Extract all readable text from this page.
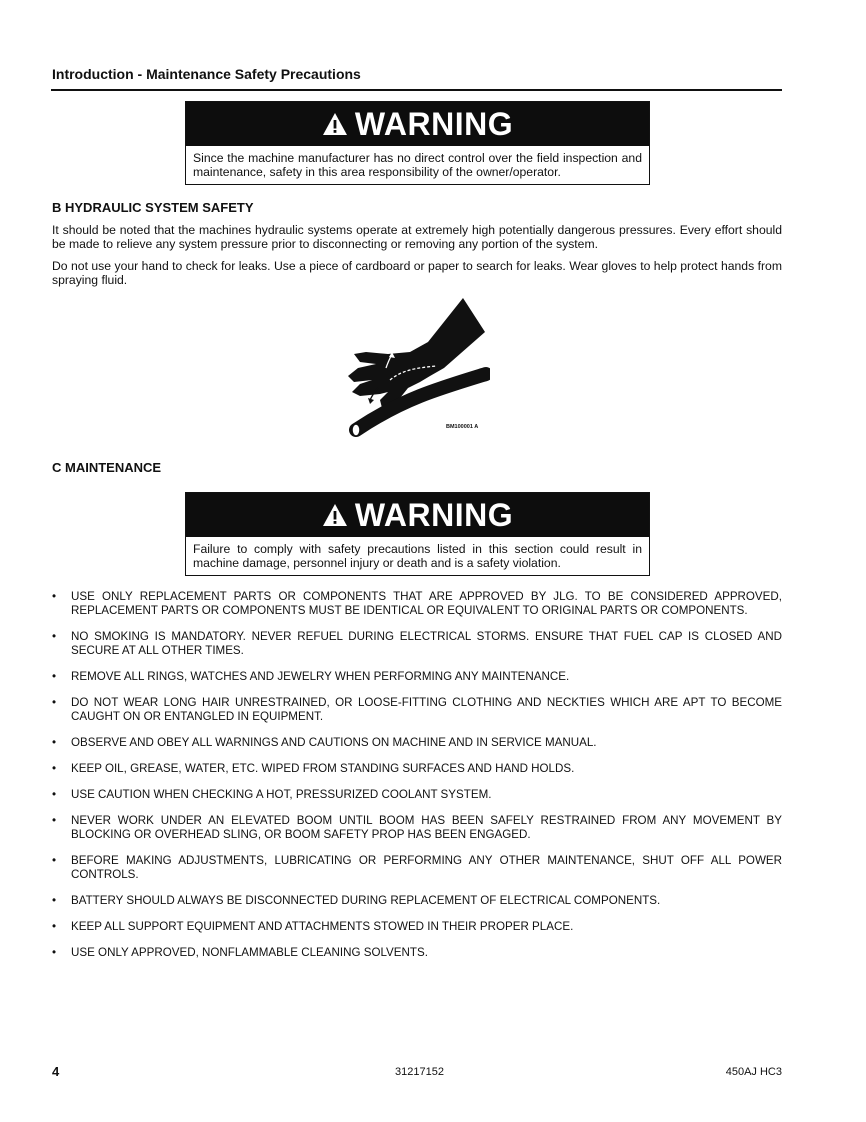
Introduction - Maintenance Safety Precautions
WARNING
Since the machine manufacturer has no direct control over the field inspection and maintenance, safety in this area responsibility of the owner/operator.
B HYDRAULIC SYSTEM SAFETY
It should be noted that the machines hydraulic systems operate at extremely high potentially dangerous pressures. Every effort should be made to relieve any system pressure prior to disconnecting or removing any portion of the system.
Do not use your hand to check for leaks. Use a piece of cardboard or paper to search for leaks. Wear gloves to help protect hands from spraying fluid.
BM100001 A
C MAINTENANCE
WARNING
Failure to comply with safety precautions listed in this section could result in machine damage, personnel injury or death and is a safety violation.
• USE ONLY REPLACEMENT PARTS OR COMPONENTS THAT ARE APPROVED BY JLG. TO BE CONSIDERED APPROVED, REPLACEMENT PARTS OR COMPONENTS MUST BE IDENTICAL OR EQUIVALENT TO ORIGINAL PARTS OR COMPONENTS.
• NO SMOKING IS MANDATORY. NEVER REFUEL DURING ELECTRICAL STORMS. ENSURE THAT FUEL CAP IS CLOSED AND SECURE AT ALL OTHER TIMES.
• REMOVE ALL RINGS, WATCHES AND JEWELRY WHEN PERFORMING ANY MAINTENANCE.
• DO NOT WEAR LONG HAIR UNRESTRAINED, OR LOOSE-FITTING CLOTHING AND NECKTIES WHICH ARE APT TO BECOME CAUGHT ON OR ENTANGLED IN EQUIPMENT.
• OBSERVE AND OBEY ALL WARNINGS AND CAUTIONS ON MACHINE AND IN SERVICE MANUAL.
• KEEP OIL, GREASE, WATER, ETC. WIPED FROM STANDING SURFACES AND HAND HOLDS.
• USE CAUTION WHEN CHECKING A HOT, PRESSURIZED COOLANT SYSTEM.
• NEVER WORK UNDER AN ELEVATED BOOM UNTIL BOOM HAS BEEN SAFELY RESTRAINED FROM ANY MOVEMENT BY BLOCKING OR OVERHEAD SLING, OR BOOM SAFETY PROP HAS BEEN ENGAGED.
• BEFORE MAKING ADJUSTMENTS, LUBRICATING OR PERFORMING ANY OTHER MAINTENANCE, SHUT OFF ALL POWER CONTROLS.
• BATTERY SHOULD ALWAYS BE DISCONNECTED DURING REPLACEMENT OF ELECTRICAL COMPONENTS.
• KEEP ALL SUPPORT EQUIPMENT AND ATTACHMENTS STOWED IN THEIR PROPER PLACE.
• USE ONLY APPROVED, NONFLAMMABLE CLEANING SOLVENTS.
4	31217152	450AJ HC3
